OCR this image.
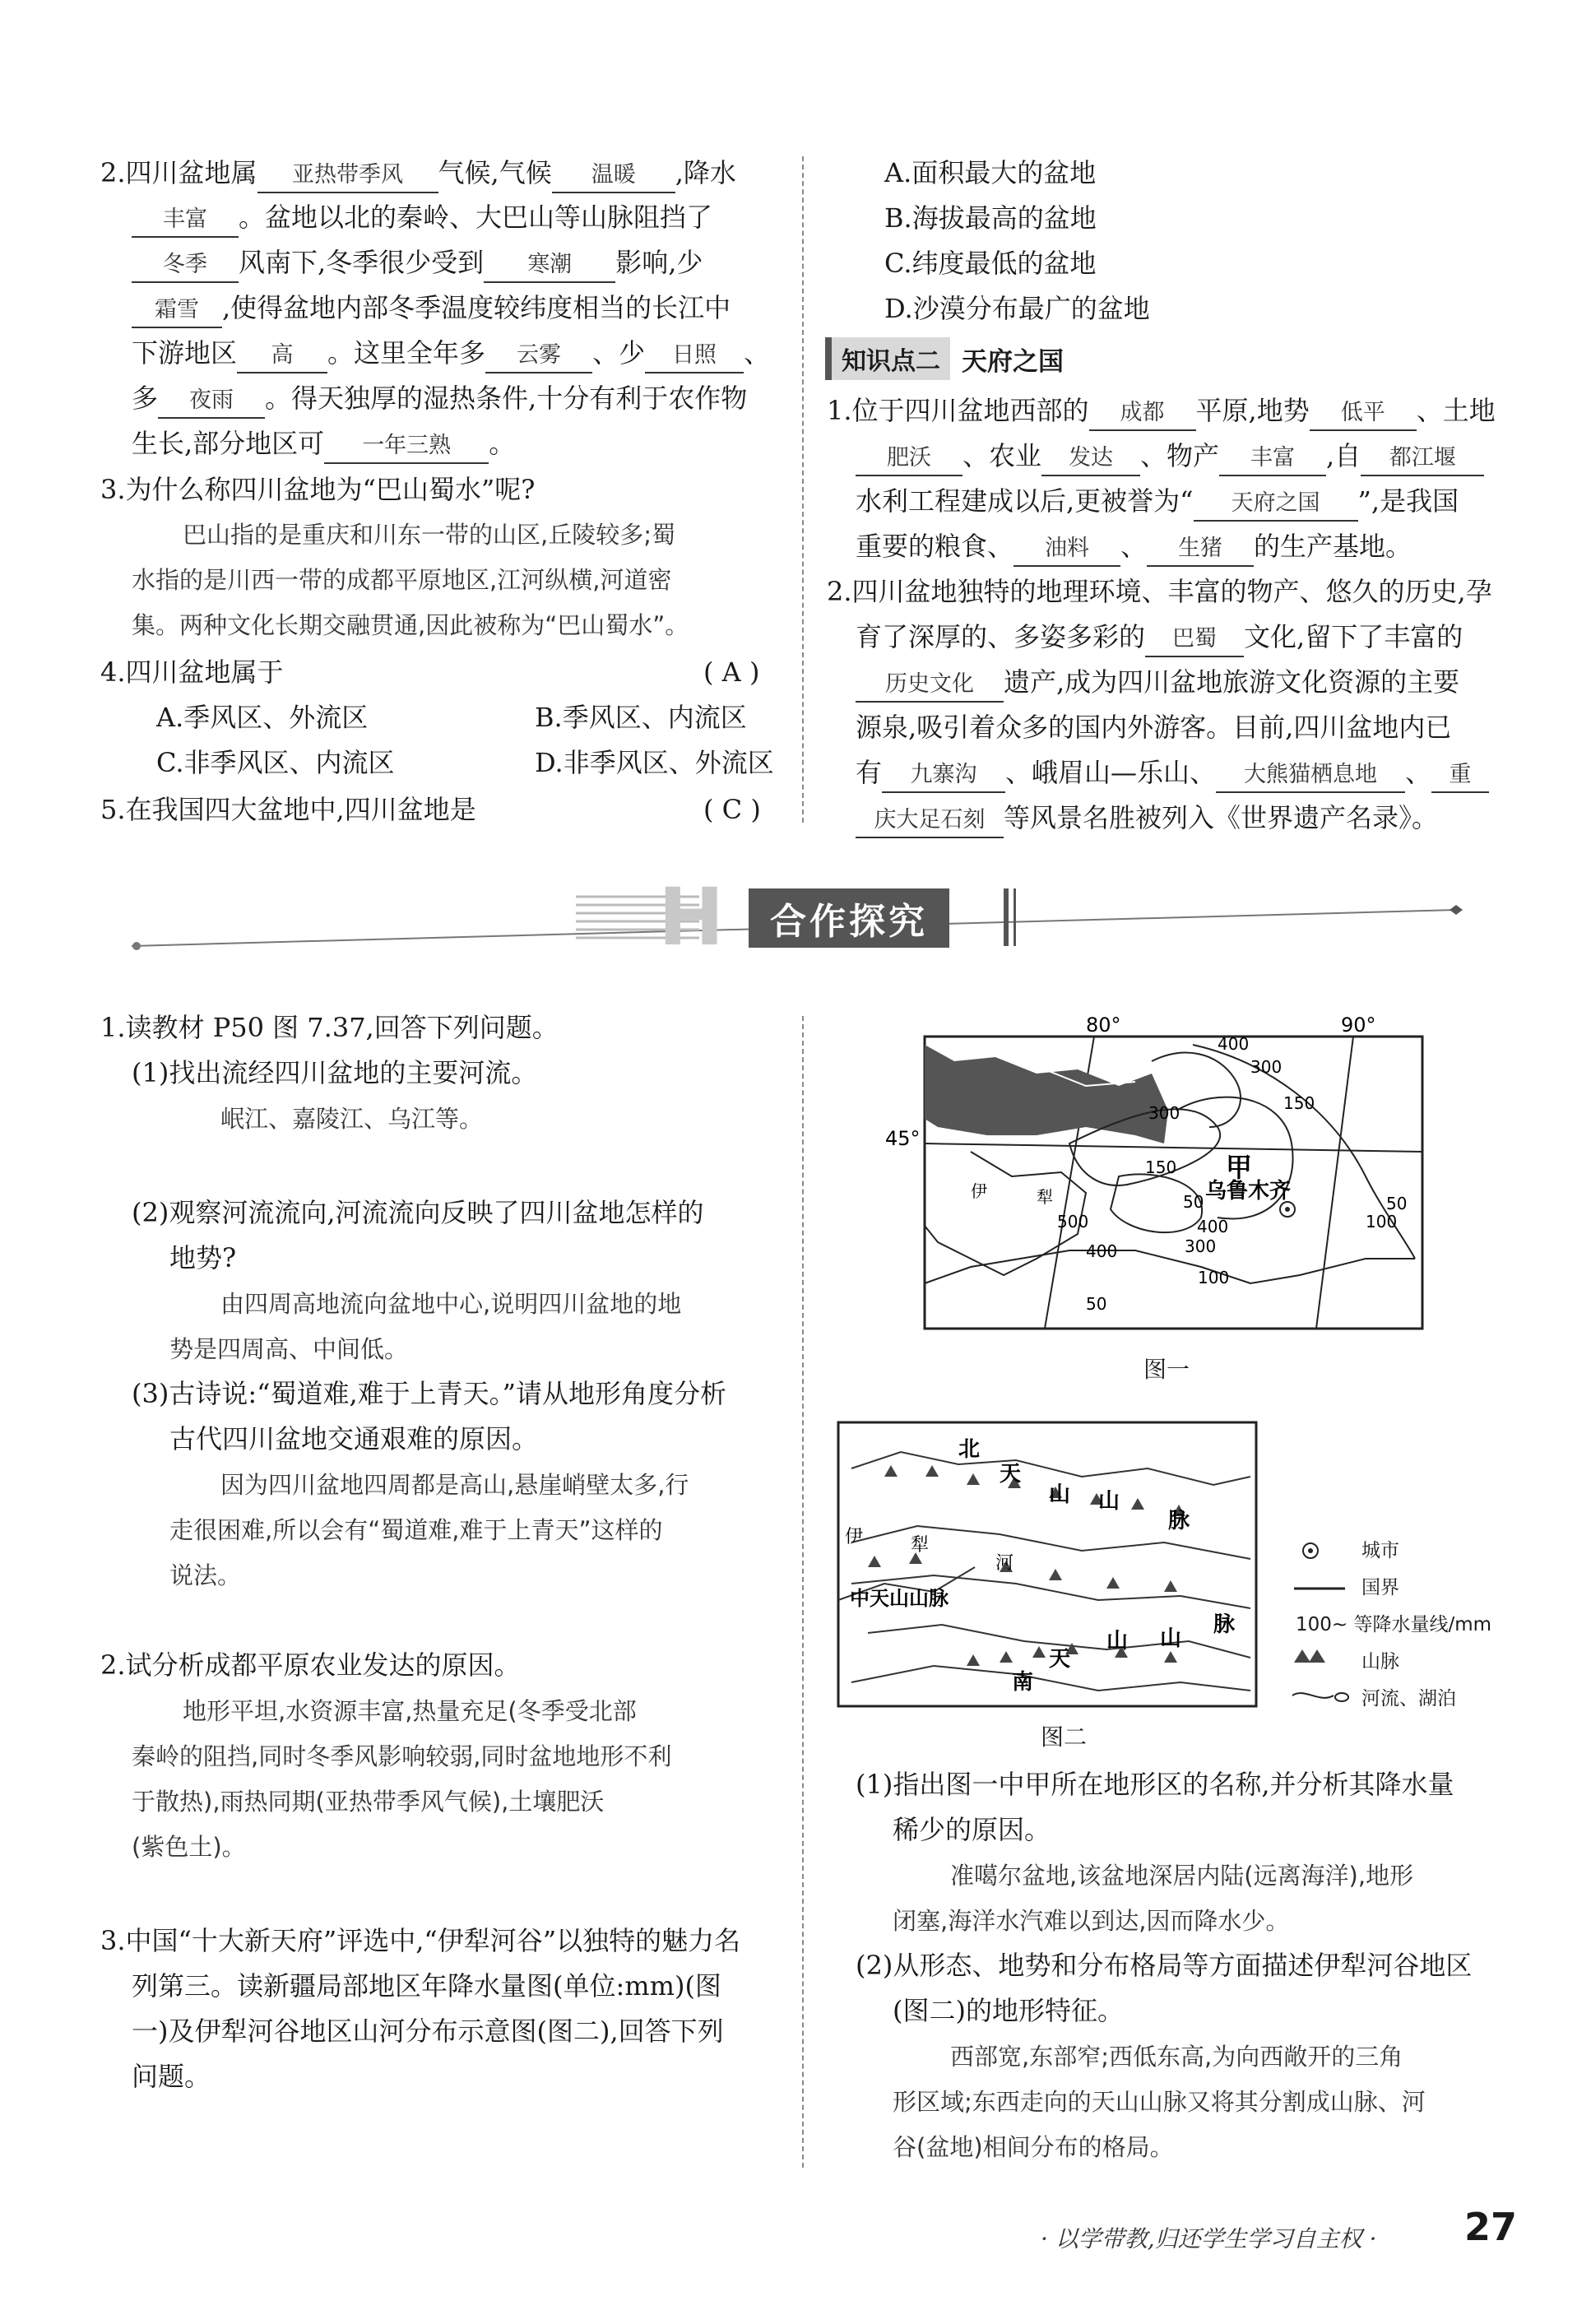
2.四川盆地属 亚热带季风 气候,气候 温暖 ,降水
丰富 。盆地以北的秦岭、大巴山等山脉阻挡了
冬季 风南下,冬季很少受到 寒潮 影响,少
霜雪 ,使得盆地内部冬季温度较纬度相当的长江中
下游地区 高 。这里全年多 云雾 、少 日照 、
多 夜雨 。得天独厚的湿热条件,十分有利于农作物
生长,部分地区可 一年三熟 。
3.为什么称四川盆地为“巴山蜀水”呢?
巴山指的是重庆和川东一带的山区,丘陵较多;蜀
水指的是川西一带的成都平原地区,江河纵横,河道密
集。两种文化长期交融贯通,因此被称为“巴山蜀水”。
4.四川盆地属于	( A )
A.季风区、外流区	B.季风区、内流区
C.非季风区、内流区	D.非季风区、外流区
5.在我国四大盆地中,四川盆地是	( C )
A.面积最大的盆地
B.海拔最高的盆地
C.纬度最低的盆地
D.沙漠分布最广的盆地
知识点二 天府之国
1.位于四川盆地西部的 成都 平原,地势 低平 、土地
肥沃 、农业 发达 、物产 丰富 ,自 都江堰
水利工程建成以后,更被誉为“ 天府之国 ”,是我国
重要的粮食、 油料 、 生猪 的生产基地。
2.四川盆地独特的地理环境、丰富的物产、悠久的历史,孕
育了深厚的、多姿多彩的 巴蜀 文化,留下了丰富的
历史文化 遗产,成为四川盆地旅游文化资源的主要
源泉,吸引着众多的国内外游客。目前,四川盆地内已
有 九寨沟 、峨眉山—乐山、 大熊猫栖息地 、 重
庆大足石刻 等风景名胜被列入《世界遗产名录》。
H	合作探究
1.读教材 P50 图 7.37,回答下列问题。
(1)找出流经四川盆地的主要河流。
岷江、嘉陵江、乌江等。
(2)观察河流流向,河流流向反映了四川盆地怎样的
地势?
由四周高地流向盆地中心,说明四川盆地的地
势是四周高、中间低。
(3)古诗说:“蜀道难,难于上青天。”请从地形角度分析
古代四川盆地交通艰难的原因。
因为四川盆地四周都是高山,悬崖峭壁太多,行
走很困难,所以会有“蜀道难,难于上青天”这样的
说法。
2.试分析成都平原农业发达的原因。
地形平坦,水资源丰富,热量充足(冬季受北部
秦岭的阻挡,同时冬季风影响较弱,同时盆地地形不利
于散热),雨热同期(亚热带季风气候),土壤肥沃
(紫色土)。
3.中国“十大新天府”评选中,“伊犁河谷”以独特的魅力名
列第三。读新疆局部地区年降水量图(单位:mm)(图
一)及伊犁河谷地区山河分布示意图(图二),回答下列
问题。
80°	90°
45°
400
300
150
300
150
50
500
400
400
300
100
50
100
50
甲
乌鲁木齐
伊	犁
图一
北
天
山 山
脉
伊	犁
河
中天山山脉
南
天
山 山
脉
图二
城市
国界
100∼ 等降水量线/mm
山脉
河流、湖泊
(1)指出图一中甲所在地形区的名称,并分析其降水量
稀少的原因。
准噶尔盆地,该盆地深居内陆(远离海洋),地形
闭塞,海洋水汽难以到达,因而降水少。
(2)从形态、地势和分布格局等方面描述伊犁河谷地区
(图二)的地形特征。
西部宽,东部窄;西低东高,为向西敞开的三角
形区域;东西走向的天山山脉又将其分割成山脉、河
谷(盆地)相间分布的格局。
· 以学带教,归还学生学习自主权 · 27
